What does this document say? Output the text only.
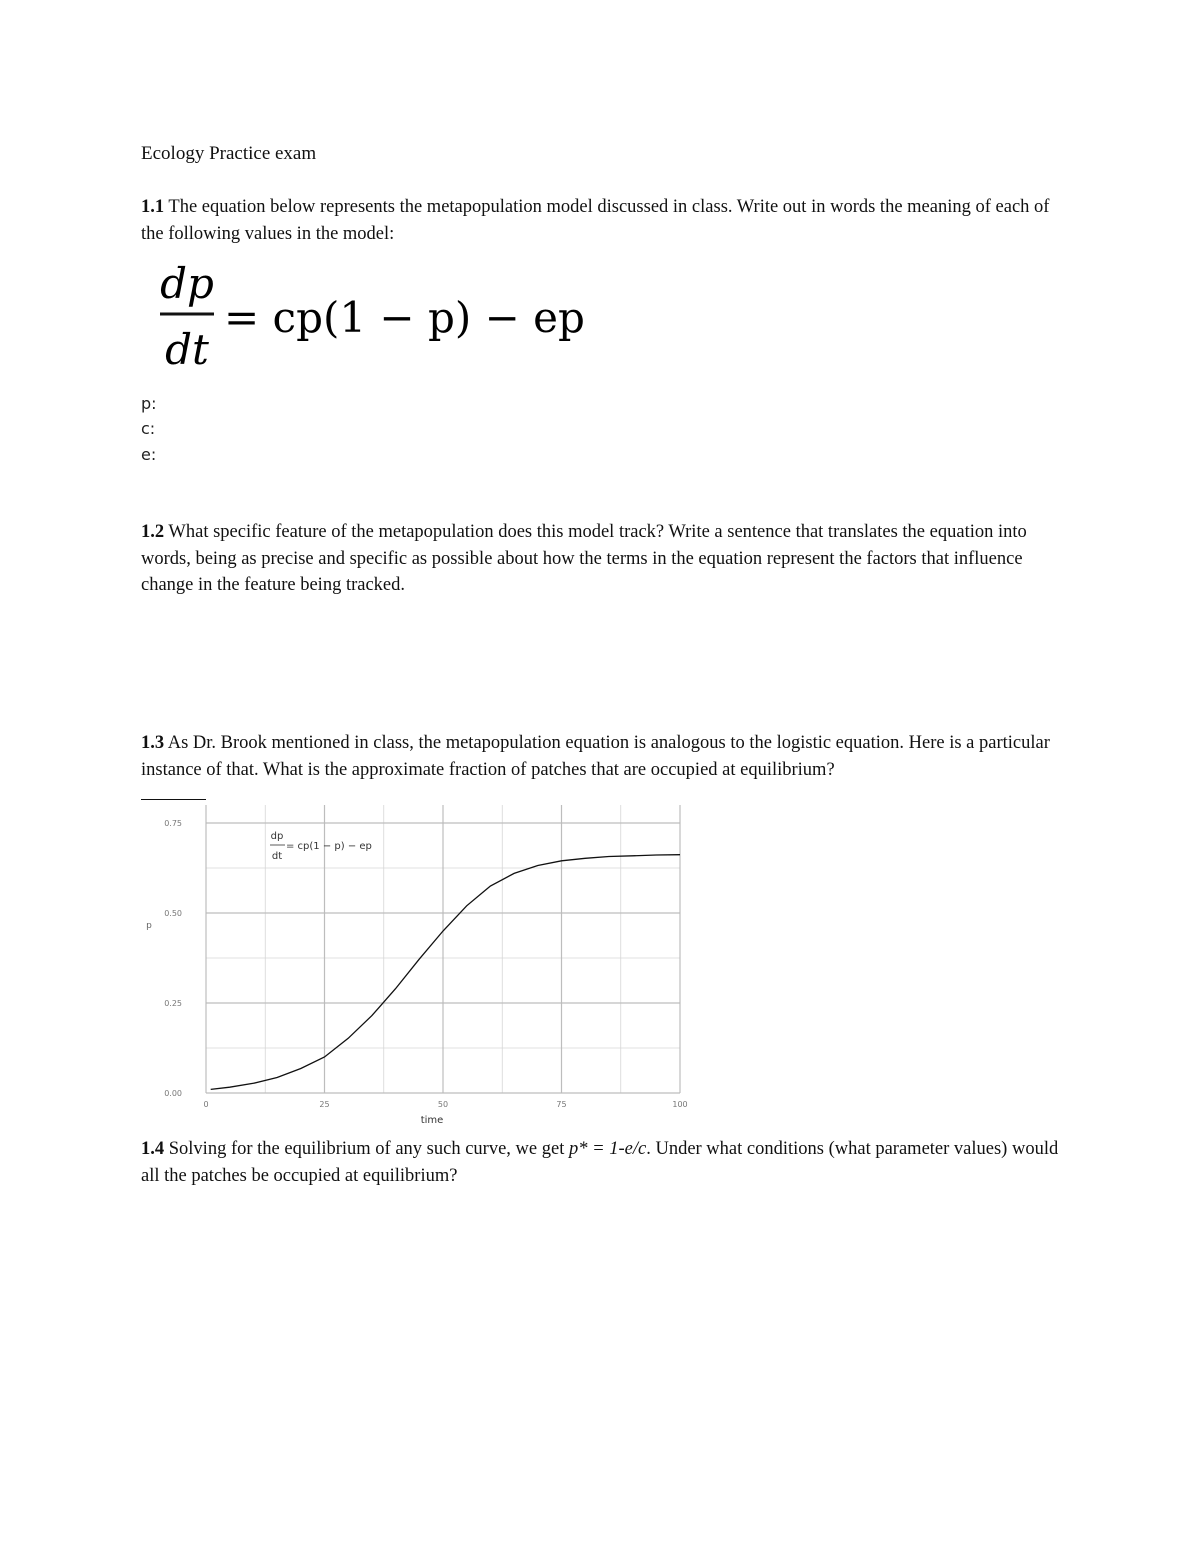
Ecology Practice exam
1.1 The equation below represents the metapopulation model discussed in class. Write out in words the meaning of each of the following values in the model:
dp
dt
= cp(1 − p) − ep
p:
c:
e:
1.2 What specific feature of the metapopulation does this model track? Write a sentence that translates the equation into words, being as precise and specific as possible about how the terms in the equation represent the factors that influence change in the feature being tracked.
1.3 As Dr. Brook mentioned in class, the metapopulation equation is analogous to the logistic equation. Here is a particular instance of that. What is the approximate fraction of patches that are occupied at equilibrium?
0	25	50	75	100
0.00
0.25
0.50
0.75
p
time
dp
dt
= cp(1 − p) − ep
1.4 Solving for the equilibrium of any such curve, we get p* = 1-e/c. Under what conditions (what parameter values) would all the patches be occupied at equilibrium?
